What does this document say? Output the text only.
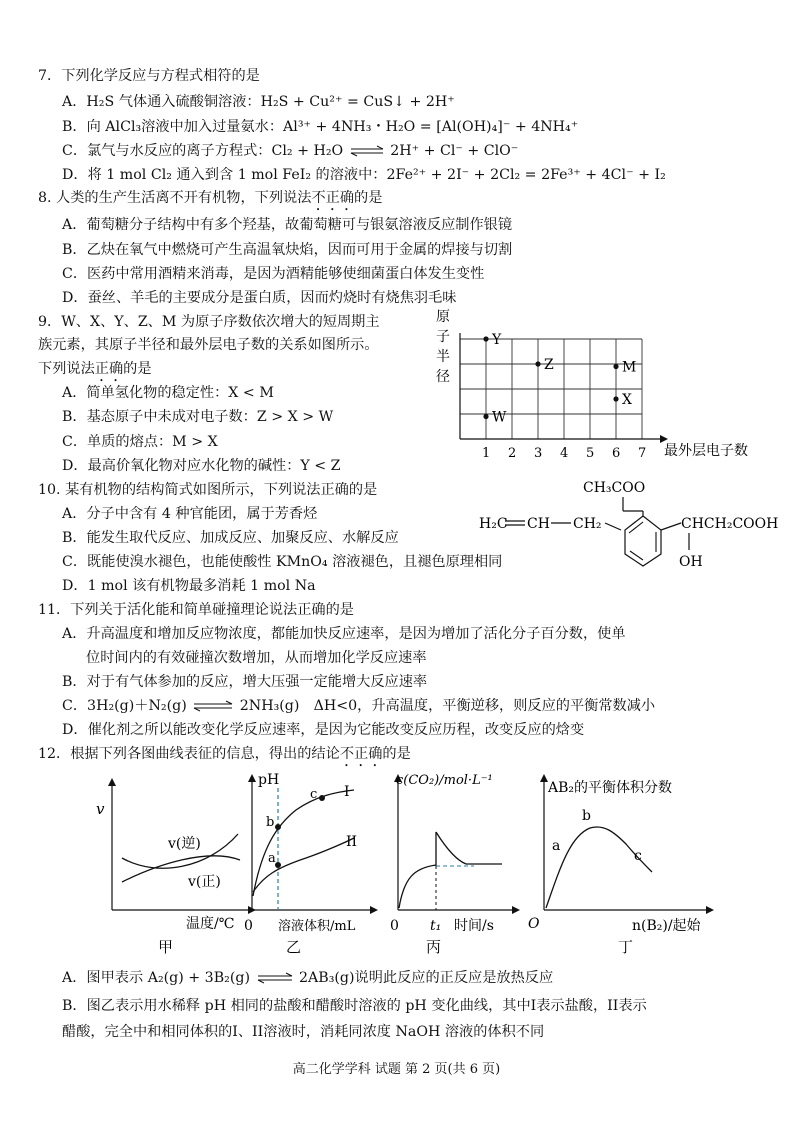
7．下列化学反应与方程式相符的是
A．H₂S 气体通入硫酸铜溶液：H₂S + Cu²⁺ = CuS↓ + 2H⁺
B．向 AlCl₃溶液中加入过量氨水：Al³⁺ + 4NH₃・H₂O = [Al(OH)₄]⁻ + 4NH₄⁺
C．氯气与水反应的离子方程式：Cl₂ + H₂O ⇌ 2H⁺ + Cl⁻ + ClO⁻
D．将 1 mol Cl₂ 通入到含 1 mol FeI₂ 的溶液中：2Fe²⁺ + 2I⁻ + 2Cl₂ = 2Fe³⁺ + 4Cl⁻ + I₂
8. 人类的生产生活离不开有机物，下列说法不正确的是
A．葡萄糖分子结构中有多个羟基，故葡萄糖可与银氨溶液反应制作银镜
B．乙炔在氧气中燃烧可产生高温氧炔焰，因而可用于金属的焊接与切割
C．医药中常用酒精来消毒，是因为酒精能够使细菌蛋白体发生变性
D．蚕丝、羊毛的主要成分是蛋白质，因而灼烧时有烧焦羽毛味
9．W、X、Y、Z、M 为原子序数依次增大的短周期主
族元素，其原子半径和最外层电子数的关系如图所示。
下列说法正确的是
A．简单氢化物的稳定性：X < M
B．基态原子中未成对电子数：Z > X > W
C．单质的熔点：M > X
D．最高价氧化物对应水化物的碱性：Y < Z
原
子
半
径
最外层电子数
1 2 3 4 5 6 7
Y
Z	M
X
W
10. 某有机物的结构简式如图所示，下列说法正确的是
A．分子中含有 4 种官能团，属于芳香烃
B．能发生取代反应、加成反应、加聚反应、水解反应
C．既能使溴水褪色，也能使酸性 KMnO₄ 溶液褪色，且褪色原理相同
D．1 mol 该有机物最多消耗 1 mol Na
CH₃COO
H₂C CH CH₂	CHCH₂COOH
OH
11．下列关于活化能和简单碰撞理论说法正确的是
A．升高温度和增加反应物浓度，都能加快反应速率，是因为增加了活化分子百分数，使单
位时间内的有效碰撞次数增加，从而增加化学反应速率
B．对于有气体参加的反应，增大压强一定能增大反应速率
C．3H₂(g)＋N₂(g) ⇌ 2NH₃(g)　ΔH<0，升高温度，平衡逆移，则反应的平衡常数减小
D．催化剂之所以能改变化学反应速率，是因为它能改变反应历程，改变反应的焓变
12．根据下列各图曲线表征的信息，得出的结论不正确的是
v
v(逆)
v(正)
温度/℃
甲
pH
b
a
c I
II
0 溶液体积/mL
乙
c(CO₂)/mol·L⁻¹
0 t₁ 时间/s
丙
AB₂的平衡体积分数
a
b
c
O	n(B₂)/起始
丁
A．图甲表示 A₂(g) + 3B₂(g) ⇌ 2AB₃(g)说明此反应的正反应是放热反应
B．图乙表示用水稀释 pH 相同的盐酸和醋酸时溶液的 pH 变化曲线，其中I表示盐酸，II表示
醋酸，完全中和相同体积的I、II溶液时，消耗同浓度 NaOH 溶液的体积不同
高二化学学科 试题 第 2 页(共 6 页)
